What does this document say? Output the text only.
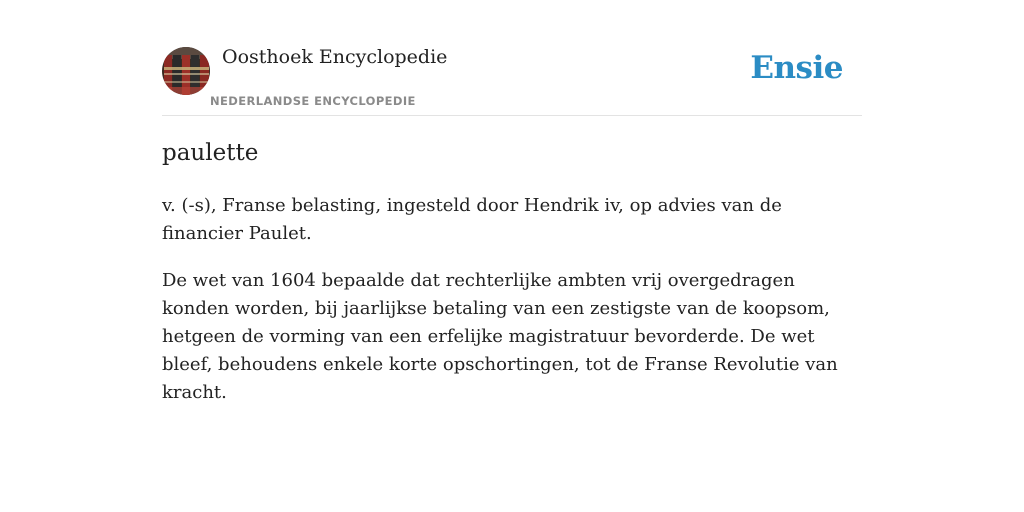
Oosthoek Encyclopedie
NEDERLANDSE ENCYCLOPEDIE
Ensie
paulette

v. (-s), Franse belasting, ingesteld door Hendrik iv, op advies van de financier Paulet.

De wet van 1604 bepaalde dat rechterlijke ambten vrij overgedragen konden worden, bij jaarlijkse betaling van een zestigste van de koopsom, hetgeen de vorming van een erfelijke magistratuur bevorderde. De wet bleef, behoudens enkele korte opschortingen, tot de Franse Revolutie van kracht.
